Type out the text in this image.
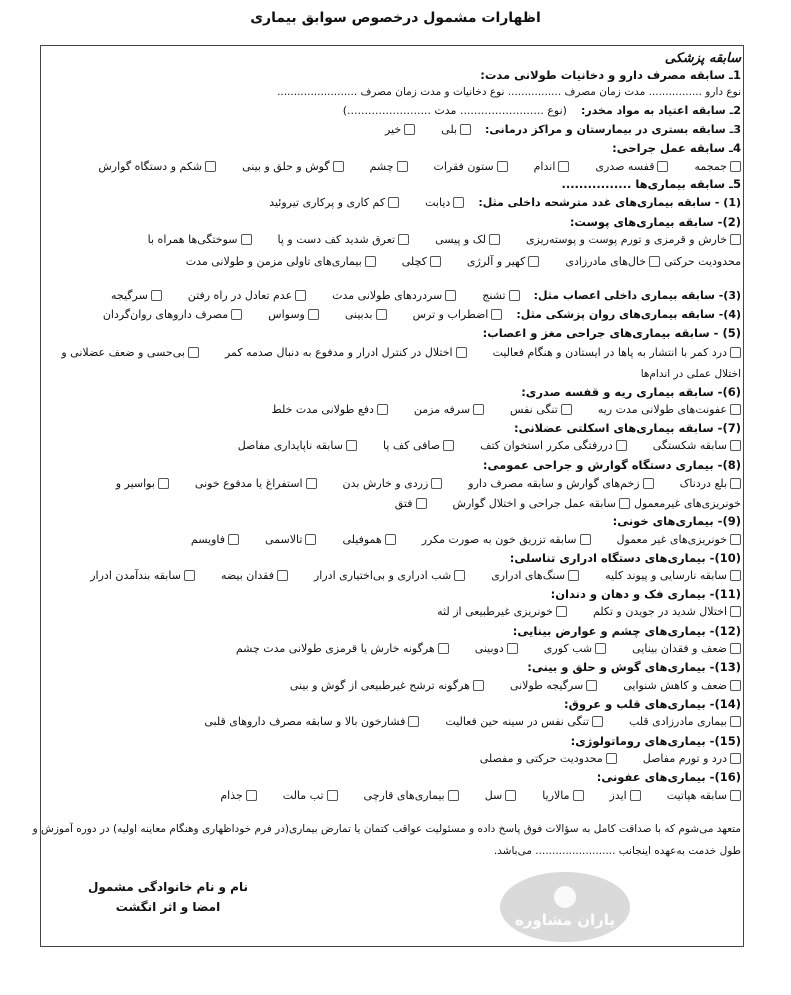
اظهارات مشمول درخصوص سوابق بیماری
نام و نام خانوادگی مشمول
امضا و اثر انگشت
یاران مشاوره
سابقه پزشکی
1ـ سابقه مصرف دارو و دخانیات طولانی مدت:
نوع دارو ................ مدت زمان مصرف ................ نوع دخانیات و مدت زمان مصرف ........................
2ـ سابقه اعتیاد به مواد مخدر:
(نوع ........................ مدت ........................)
3ـ سابقه بستری در بیمارستان و مراکز درمانی:
بلی
خیر
4ـ سابقه عمل جراحی:
جمجمه
قفسه صدری
اندام
ستون فقرات
چشم
گوش و حلق و بینی
شکم و دستگاه گوارش
5ـ سابقه بیماری‌ها ................
(1) - سابقه بیماری‌های غدد مترشحه داخلی مثل:
دیابت
کم کاری و پرکاری تیروئید
(2)- سابقه بیماری‌های پوست:
خارش و قرمزی و تورم پوست و پوسته‌ریزی
لک و پیسی
تعرق شدید کف دست و پا
سوختگی‌ها همراه با
محدودیت حرکتی
خال‌های مادرزادی
کهیر و آلرژی
کچلی
بیماری‌های تاولی مزمن و طولانی مدت
(3)- سابقه بیماری داخلی اعصاب مثل:
تشنج
سردردهای طولانی مدت
عدم تعادل در راه رفتن
سرگیجه
(4)- سابقه بیماری‌های روان پزشکی مثل:
اضطراب و ترس
بدبینی
وسواس
مصرف داروهای روان‌گردان
(5) - سابقه بیماری‌های جراحی مغز و اعصاب:
درد کمر با انتشار به پاها در ایستادن و هنگام فعالیت
اختلال در کنترل ادرار و مدفوع به دنبال صدمه کمر
بی‌حسی و ضعف عضلانی و
اختلال عملی در اندام‌ها
(6)- سابقه بیماری ریه و قفسه صدری:
عفونت‌های طولانی مدت ریه
تنگی نفس
سرفه مزمن
دفع طولانی مدت خلط
(7)- سابقه بیماری‌های اسکلتی عضلانی:
سابقه شکستگی
دررفتگی مکرر استخوان کتف
صافی کف پا
سابقه ناپایداری مفاصل
(8)- بیماری دستگاه گوارش و جراحی عمومی:
بلع دردناک
زخم‌های گوارش و سابقه مصرف دارو
زردی و خارش بدن
استفراغ یا مدفوع خونی
بواسیر و
خونریزی‌های غیرمعمول
سابقه عمل جراحی و اختلال گوارش
فتق
(9)- بیماری‌های خونی:
خونریزی‌های غیر معمول
سابقه تزریق خون به صورت مکرر
هموفیلی
تالاسمی
فاویسم
(10)- بیماری‌های دستگاه ادراری تناسلی:
سابقه نارسایی و پیوند کلیه
سنگ‌های ادراری
شب ادراری و بی‌اختیاری ادرار
فقدان بیضه
سابقه بندآمدن ادرار
(11)- بیماری فک و دهان و دندان:
اختلال شدید در جویدن و تکلم
خونریزی غیرطبیعی از لثه
(12)- بیماری‌های چشم و عوارض بینایی:
ضعف و فقدان بینایی
شب کوری
دوبینی
هرگونه خارش یا قرمزی طولانی مدت چشم
(13)- بیماری‌های گوش و حلق و بینی:
ضعف و کاهش شنوایی
سرگیجه طولانی
هرگونه ترشح غیرطبیعی از گوش و بینی
(14)- بیماری‌های قلب و عروق:
بیماری مادرزادی قلب
تنگی نفس در سینه حین فعالیت
فشارخون بالا و سابقه مصرف داروهای قلبی
(15)- بیماری‌های روماتولوژی:
درد و تورم مفاصل
محدودیت حرکتی و مفصلی
(16)- بیماری‌های عفونی:
سابقه هپاتیت
ایدز
مالاریا
سل
بیماری‌های قارچی
تب مالت
جذام
متعهد می‌شوم که با صداقت کامل به سؤالات فوق پاسخ داده و مسئولیت عواقب کتمان یا تمارض بیماری(در فرم خوداظهاری وهنگام معاینه اولیه) در دوره آموزش و
طول خدمت به‌عهده اینجانب ........................ می‌باشد.
